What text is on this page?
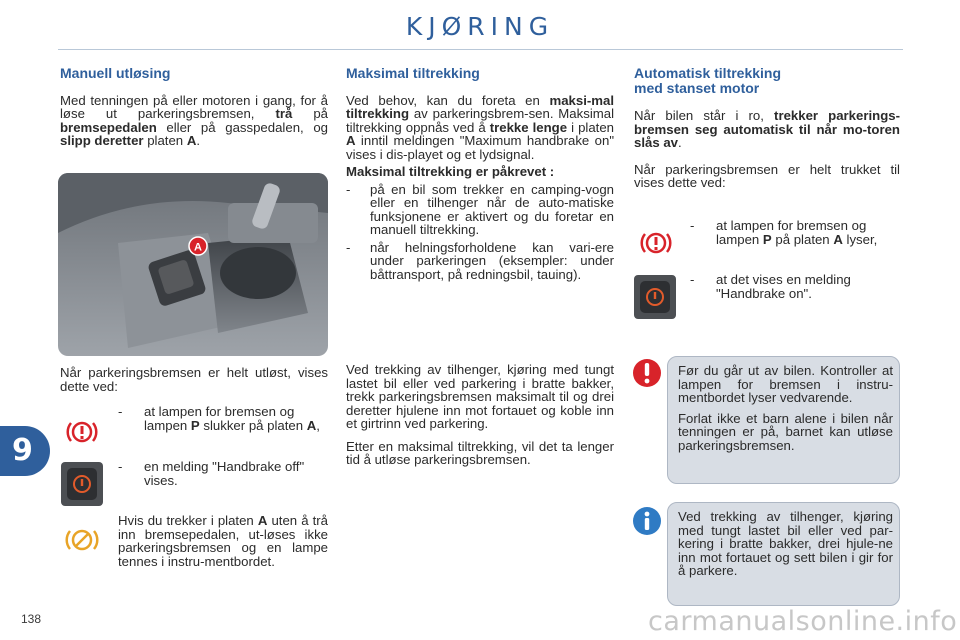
KJØRING
Manuell utløsing

Med tenningen på eller motoren i gang, for å løse ut parkeringsbremsen, trå på bremsepedalen eller på gasspedalen, og slipp deretter platen A.

A

Når parkeringsbremsen er helt utløst, vises dette ved:

-	at lampen for bremsen og lampen P slukker på platen A,
-	en melding "Handbrake off" vises.

Hvis du trekker i platen A uten å trå inn bremsepedalen, ut-løses ikke parkeringsbremsen og en lampe tennes i instru-mentbordet.

Maksimal tiltrekking

Ved behov, kan du foreta en maksi-mal tiltrekking av parkeringsbrem-sen. Maksimal tiltrekking oppnås ved å trekke lenge i platen A inntil meldingen "Maximum handbrake on" vises i dis-playet og et lydsignal.

Maksimal tiltrekking er påkrevet :

-	på en bil som trekker en camping-vogn eller en tilhenger når de auto-matiske funksjonene er aktivert og du foretar en manuell tiltrekking.
-	når helningsforholdene kan vari-ere under parkeringen (eksempler: under båttransport, på redningsbil, tauing).

Ved trekking av tilhenger, kjøring med tungt lastet bil eller ved parkering i bratte bakker, trekk parkeringsbremsen maksimalt til og drei deretter hjulene inn mot fortauet og koble inn et girtrinn ved parkering.

Etter en maksimal tiltrekking, vil det ta lenger tid å utløse parkeringsbremsen.

Automatisk tiltrekking
med stanset motor

Når bilen står i ro, trekker parkerings-bremsen seg automatisk til når mo-toren slås av.

Når parkeringsbremsen er helt trukket til vises dette ved:

-	at lampen for bremsen og lampen P på platen A lyser,
-	at det vises en melding "Handbrake on".

Før du går ut av bilen. Kontroller at lampen for bremsen i instru-mentbordet lyser vedvarende.

Forlat ikke et barn alene i bilen når tenningen er på, barnet kan utløse parkeringsbremsen.

Ved trekking av tilhenger, kjøring med tungt lastet bil eller ved par-kering i bratte bakker, drei hjule-ne inn mot fortauet og sett bilen i gir for å parkere.

9
138	carmanualsonline.info
